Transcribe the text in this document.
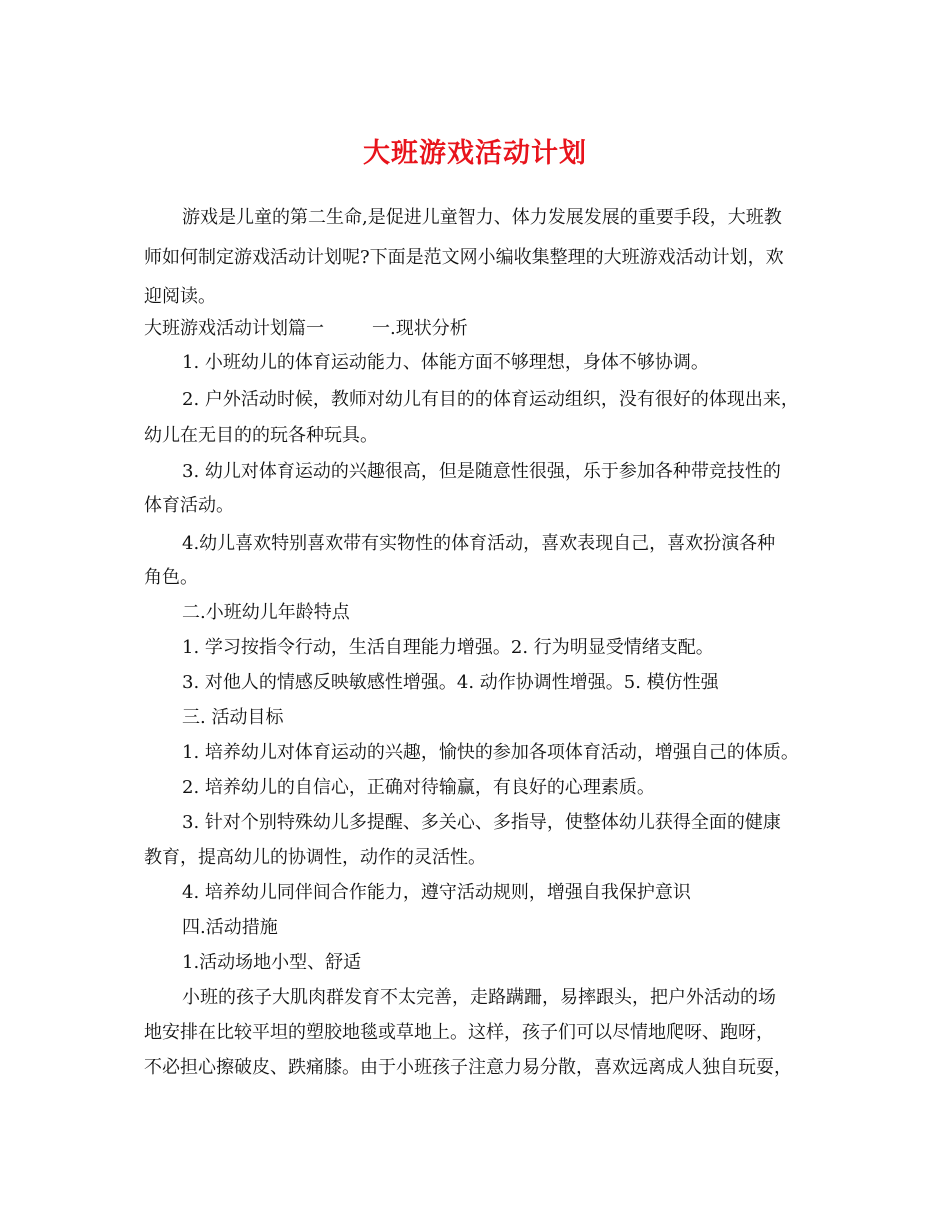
大班游戏活动计划
游戏是儿童的第二生命,是促进儿童智力、体力发展发展的重要手段，大班教
师如何制定游戏活动计划呢?下面是范文网小编收集整理的大班游戏活动计划，欢
迎阅读。
大班游戏活动计划篇一	一.现状分析
1. 小班幼儿的体育运动能力、体能方面不够理想，身体不够协调。
2. 户外活动时候，教师对幼儿有目的的体育运动组织，没有很好的体现出来，
幼儿在无目的的玩各种玩具。
3. 幼儿对体育运动的兴趣很高，但是随意性很强，乐于参加各种带竞技性的
体育活动。
4.幼儿喜欢特别喜欢带有实物性的体育活动，喜欢表现自己，喜欢扮演各种
角色。
二.小班幼儿年龄特点
1. 学习按指令行动，生活自理能力增强。2. 行为明显受情绪支配。
3. 对他人的情感反映敏感性增强。4. 动作协调性增强。5. 模仿性强
三. 活动目标
1. 培养幼儿对体育运动的兴趣，愉快的参加各项体育活动，增强自己的体质。
2. 培养幼儿的自信心，正确对待输赢，有良好的心理素质。
3. 针对个别特殊幼儿多提醒、多关心、多指导，使整体幼儿获得全面的健康
教育，提高幼儿的协调性，动作的灵活性。
4. 培养幼儿同伴间合作能力，遵守活动规则，增强自我保护意识
四.活动措施
1.活动场地小型、舒适
小班的孩子大肌肉群发育不太完善，走路蹒跚，易摔跟头，把户外活动的场
地安排在比较平坦的塑胶地毯或草地上。这样，孩子们可以尽情地爬呀、跑呀，
不必担心擦破皮、跌痛膝。由于小班孩子注意力易分散，喜欢远离成人独自玩耍，
